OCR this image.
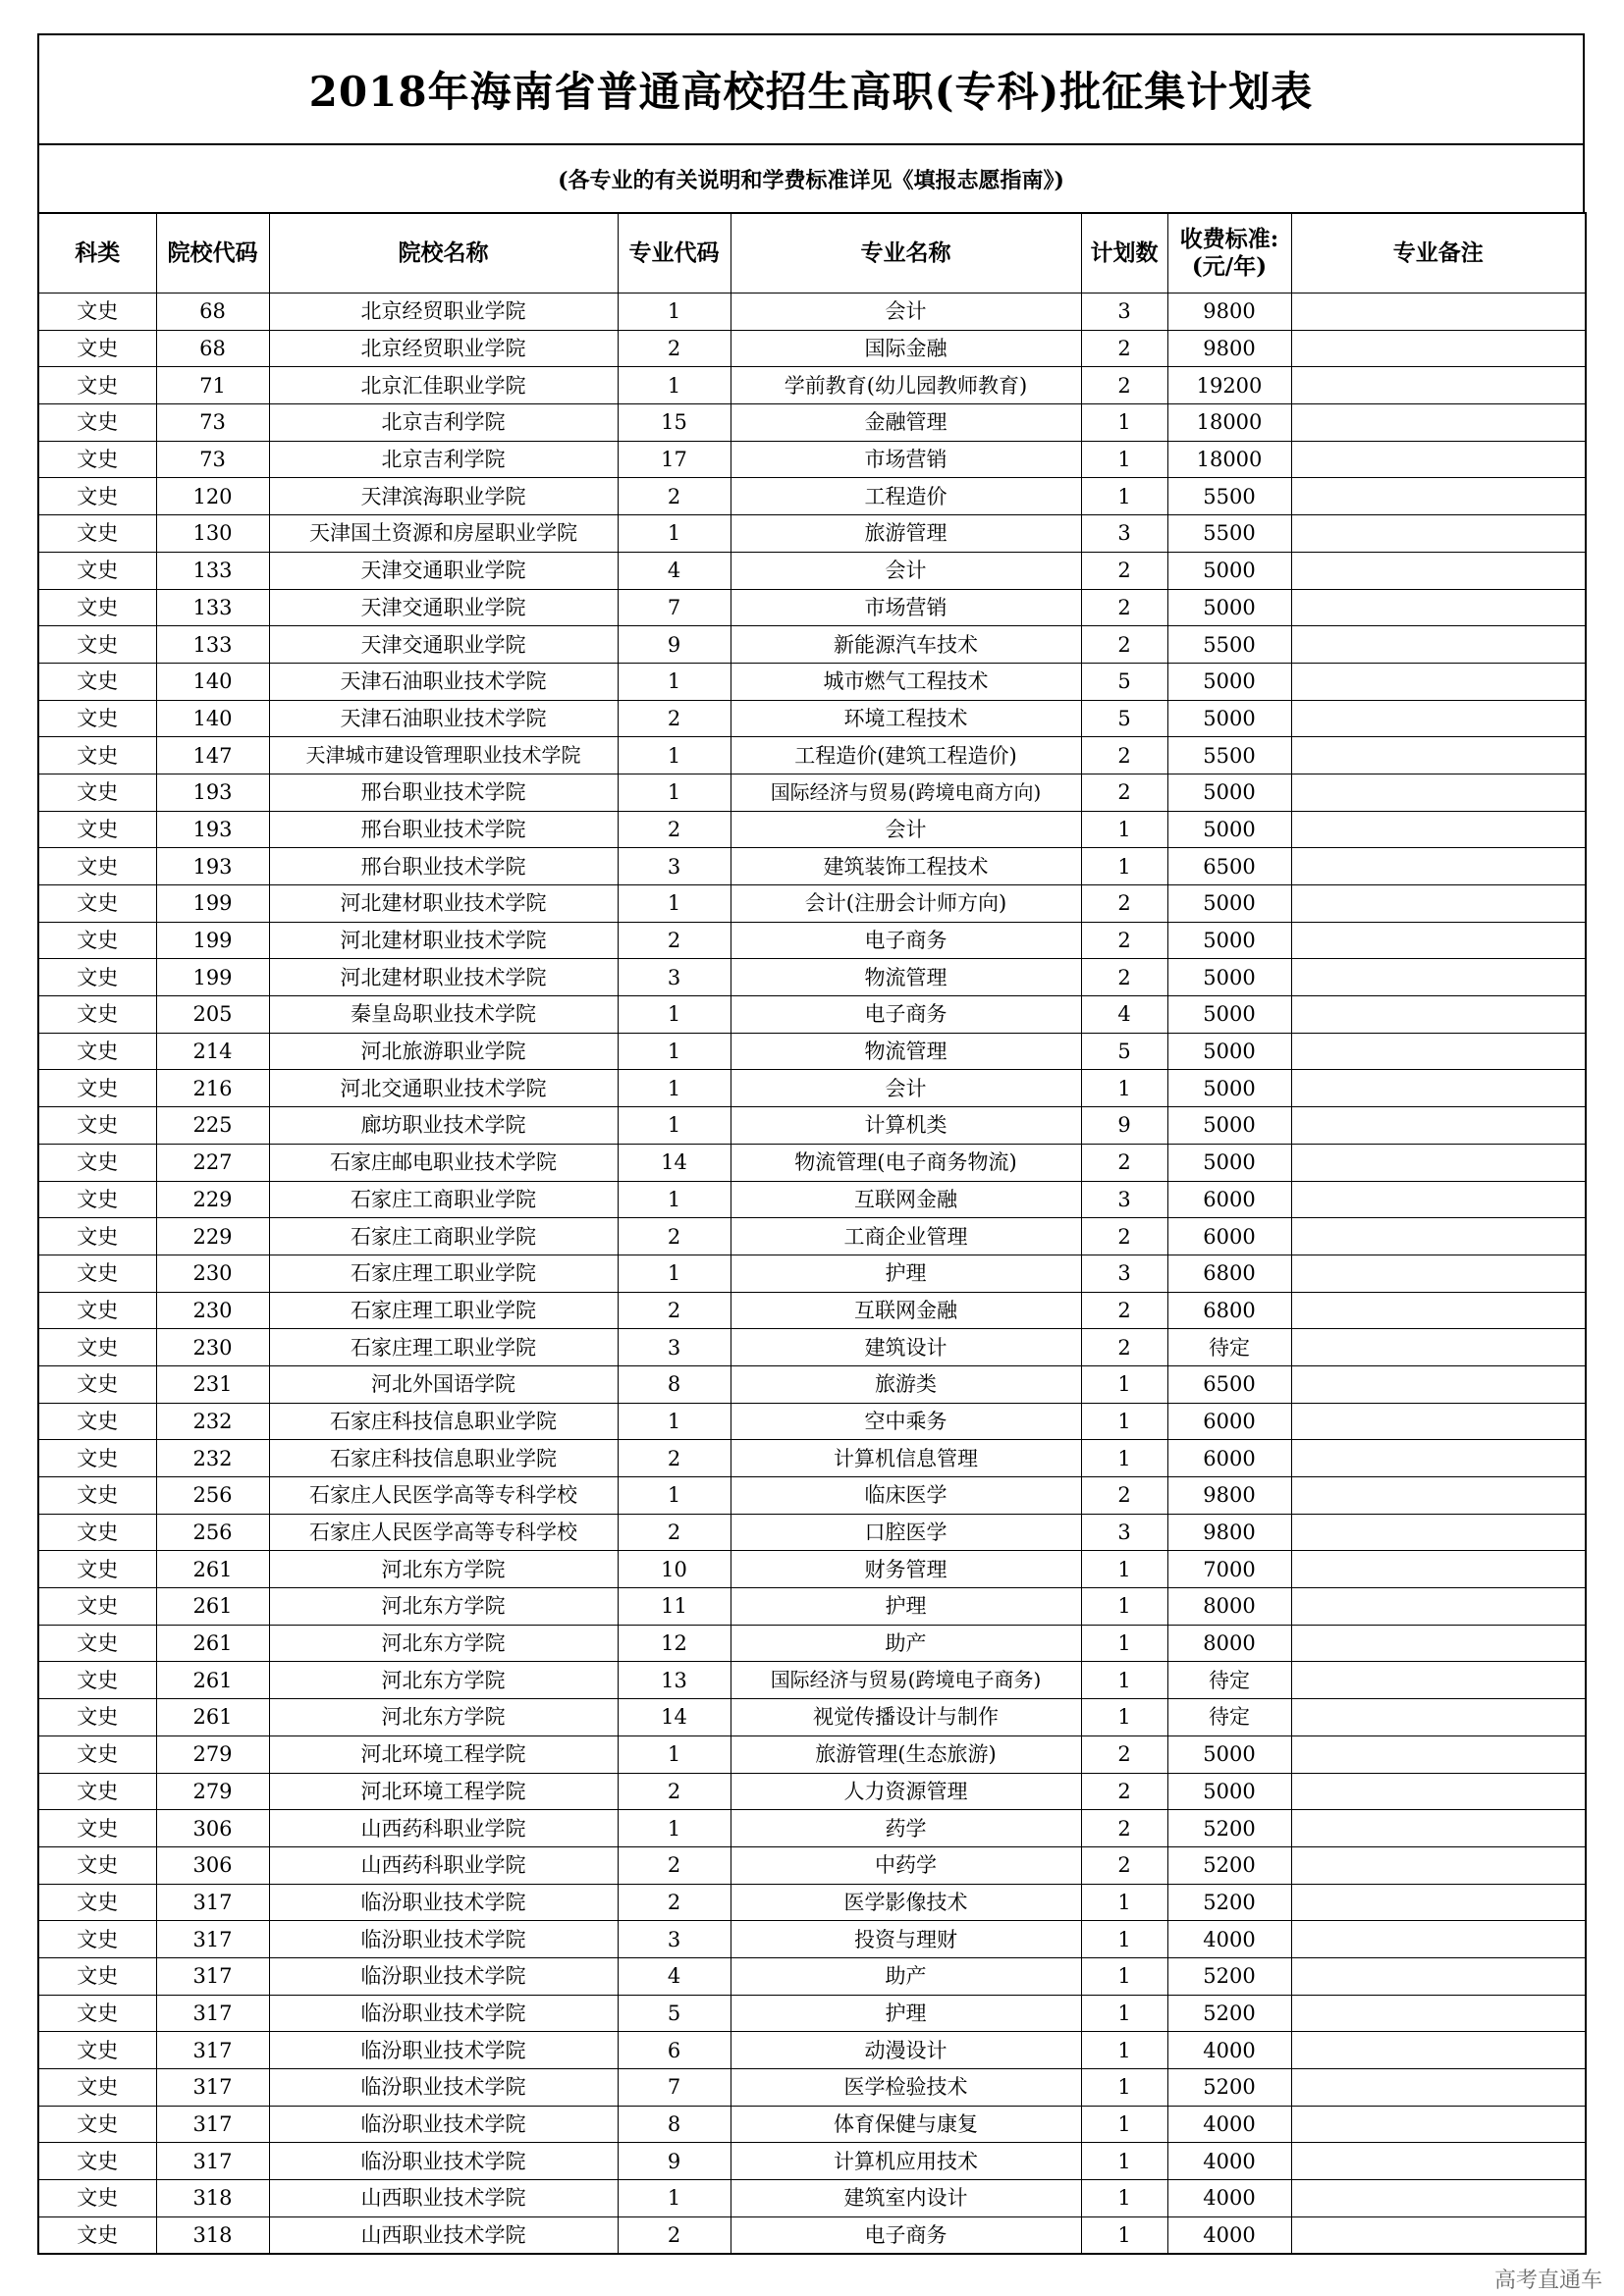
2018年海南省普通高校招生高职(专科)批征集计划表
(各专业的有关说明和学费标准详见《填报志愿指南》)
科类	院校代码	院校名称	专业代码	专业名称	计划数	收费标准:(元/年)	专业备注
文史	68	北京经贸职业学院	1	会计	3	9800	
文史	68	北京经贸职业学院	2	国际金融	2	9800	
文史	71	北京汇佳职业学院	1	学前教育(幼儿园教师教育)	2	19200	
文史	73	北京吉利学院	15	金融管理	1	18000	
文史	73	北京吉利学院	17	市场营销	1	18000	
文史	120	天津滨海职业学院	2	工程造价	1	5500	
文史	130	天津国土资源和房屋职业学院	1	旅游管理	3	5500	
文史	133	天津交通职业学院	4	会计	2	5000	
文史	133	天津交通职业学院	7	市场营销	2	5000	
文史	133	天津交通职业学院	9	新能源汽车技术	2	5500	
文史	140	天津石油职业技术学院	1	城市燃气工程技术	5	5000	
文史	140	天津石油职业技术学院	2	环境工程技术	5	5000	
文史	147	天津城市建设管理职业技术学院	1	工程造价(建筑工程造价)	2	5500	
文史	193	邢台职业技术学院	1	国际经济与贸易(跨境电商方向)	2	5000	
文史	193	邢台职业技术学院	2	会计	1	5000	
文史	193	邢台职业技术学院	3	建筑装饰工程技术	1	6500	
文史	199	河北建材职业技术学院	1	会计(注册会计师方向)	2	5000	
文史	199	河北建材职业技术学院	2	电子商务	2	5000	
文史	199	河北建材职业技术学院	3	物流管理	2	5000	
文史	205	秦皇岛职业技术学院	1	电子商务	4	5000	
文史	214	河北旅游职业学院	1	物流管理	5	5000	
文史	216	河北交通职业技术学院	1	会计	1	5000	
文史	225	廊坊职业技术学院	1	计算机类	9	5000	
文史	227	石家庄邮电职业技术学院	14	物流管理(电子商务物流)	2	5000	
文史	229	石家庄工商职业学院	1	互联网金融	3	6000	
文史	229	石家庄工商职业学院	2	工商企业管理	2	6000	
文史	230	石家庄理工职业学院	1	护理	3	6800	
文史	230	石家庄理工职业学院	2	互联网金融	2	6800	
文史	230	石家庄理工职业学院	3	建筑设计	2	待定	
文史	231	河北外国语学院	8	旅游类	1	6500	
文史	232	石家庄科技信息职业学院	1	空中乘务	1	6000	
文史	232	石家庄科技信息职业学院	2	计算机信息管理	1	6000	
文史	256	石家庄人民医学高等专科学校	1	临床医学	2	9800	
文史	256	石家庄人民医学高等专科学校	2	口腔医学	3	9800	
文史	261	河北东方学院	10	财务管理	1	7000	
文史	261	河北东方学院	11	护理	1	8000	
文史	261	河北东方学院	12	助产	1	8000	
文史	261	河北东方学院	13	国际经济与贸易(跨境电子商务)	1	待定	
文史	261	河北东方学院	14	视觉传播设计与制作	1	待定	
文史	279	河北环境工程学院	1	旅游管理(生态旅游)	2	5000	
文史	279	河北环境工程学院	2	人力资源管理	2	5000	
文史	306	山西药科职业学院	1	药学	2	5200	
文史	306	山西药科职业学院	2	中药学	2	5200	
文史	317	临汾职业技术学院	2	医学影像技术	1	5200	
文史	317	临汾职业技术学院	3	投资与理财	1	4000	
文史	317	临汾职业技术学院	4	助产	1	5200	
文史	317	临汾职业技术学院	5	护理	1	5200	
文史	317	临汾职业技术学院	6	动漫设计	1	4000	
文史	317	临汾职业技术学院	7	医学检验技术	1	5200	
文史	317	临汾职业技术学院	8	体育保健与康复	1	4000	
文史	317	临汾职业技术学院	9	计算机应用技术	1	4000	
文史	318	山西职业技术学院	1	建筑室内设计	1	4000	
文史	318	山西职业技术学院	2	电子商务	1	4000	
高考直通车
